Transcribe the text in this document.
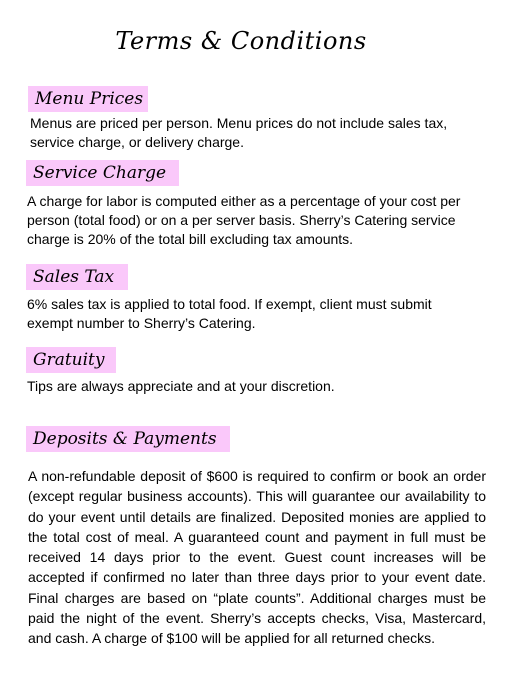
Terms & Conditions
Menu Prices

Menus are priced per person. Menu prices do not include sales tax, service charge, or delivery charge.

Service Charge

A charge for labor is computed either as a percentage of your cost per person (total food) or on a per server basis. Sherry’s Catering service charge is 20% of the total bill excluding tax amounts.

Sales Tax

6% sales tax is applied to total food. If exempt, client must submit exempt number to Sherry’s Catering.

Gratuity

Tips are always appreciate and at your discretion.

Deposits & Payments

A non-refundable deposit of $600 is required to confirm or book an order (except regular business accounts). This will guarantee our availability to do your event until details are finalized. Deposited monies are applied to the total cost of meal. A guaranteed count and payment in full must be received 14 days prior to the event. Guest count increases will be accepted if confirmed no later than three days prior to your event date. Final charges are based on “plate counts”. Additional charges must be paid the night of the event. Sherry’s accepts checks, Visa, Mastercard, and cash. A charge of $100 will be applied for all returned checks.
